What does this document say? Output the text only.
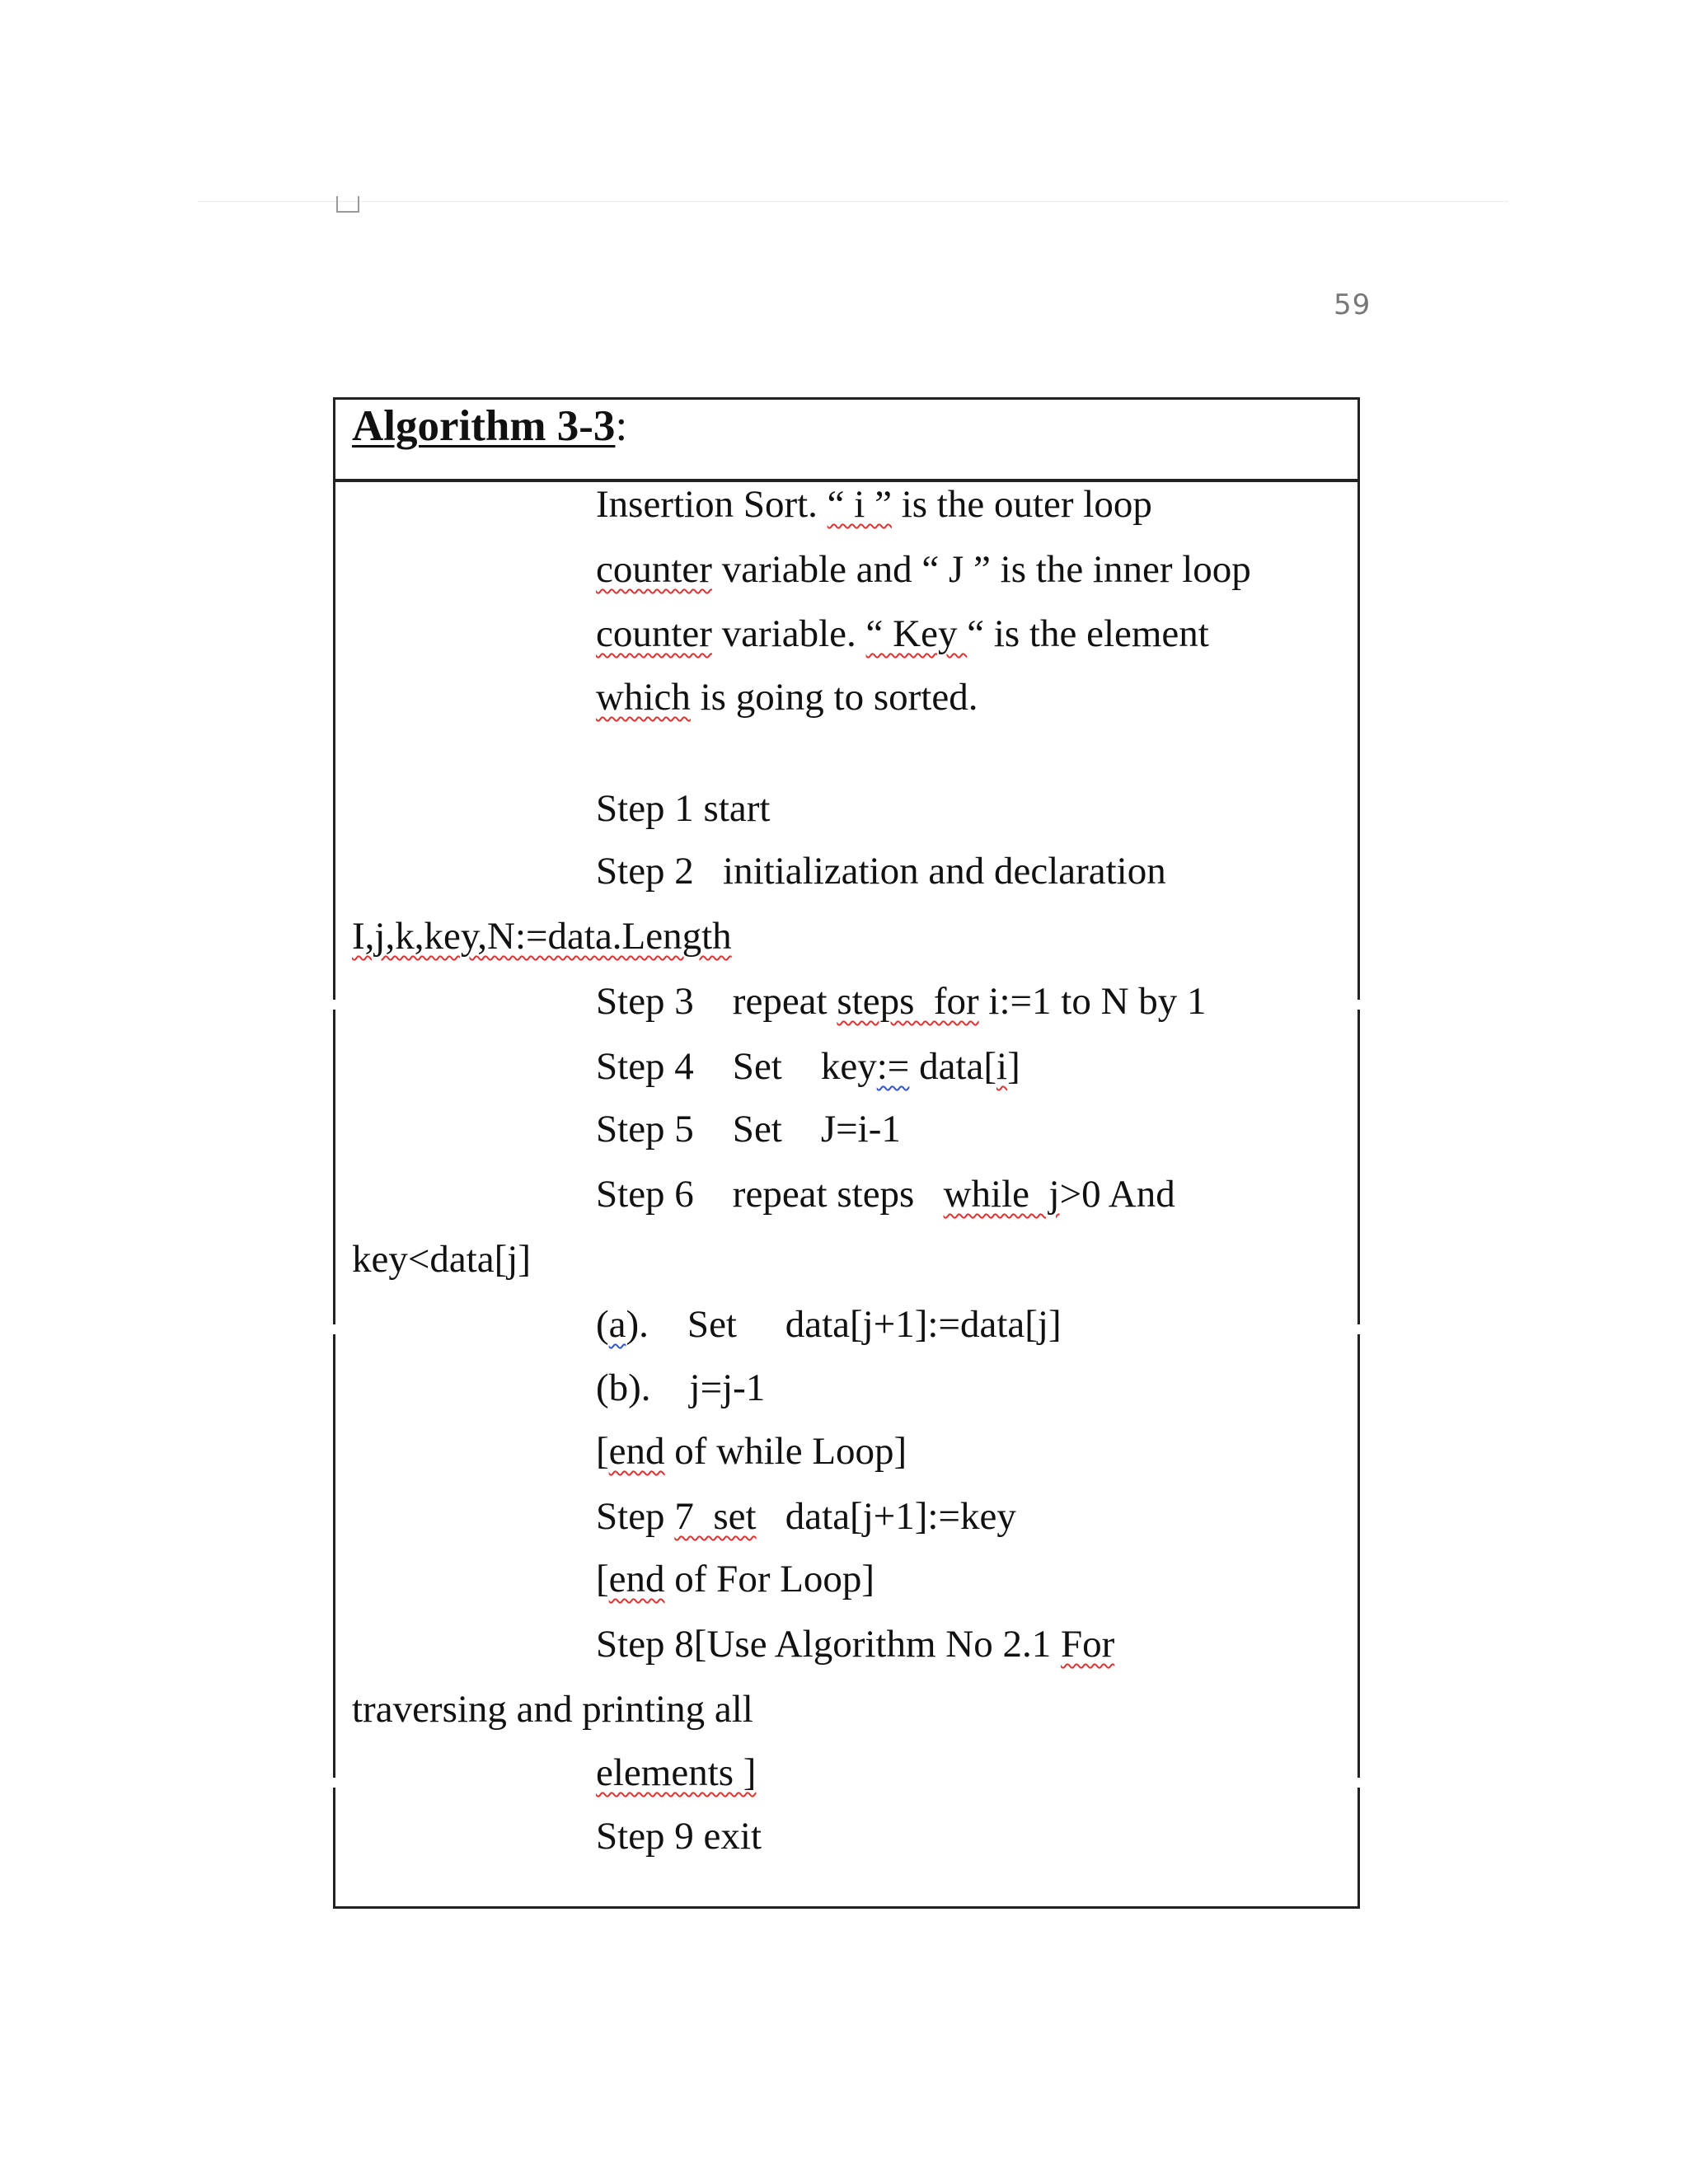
59
Algorithm 3-3:
Insertion Sort. “ i ” is the outer loop
counter variable and “ J ” is the inner loop
counter variable. “ Key “ is the element
which is going to sorted.
Step 1 start
Step 2   initialization and declaration
I,j,k,key,N:=data.Length
Step 3    repeat steps  for i:=1 to N by 1
Step 4    Set    key:= data[i]
Step 5    Set    J=i-1
Step 6    repeat steps   while  j>0 And
key<data[j]
(a).    Set     data[j+1]:=data[j]
(b).    j=j-1
[end of while Loop]
Step 7  set   data[j+1]:=key
[end of For Loop]
Step 8[Use Algorithm No 2.1 For
traversing and printing all
elements ]
Step 9 exit
